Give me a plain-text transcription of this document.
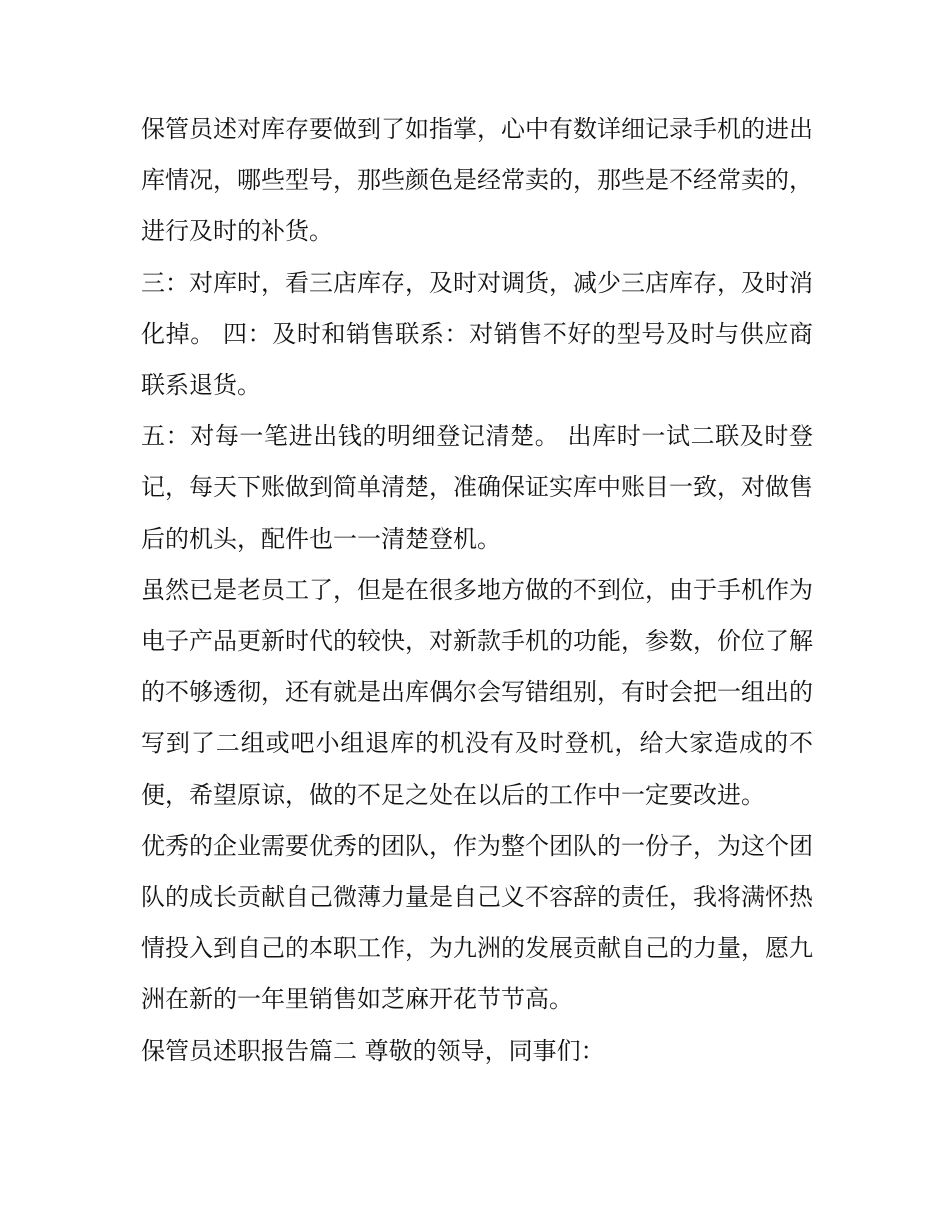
保管员述对库存要做到了如指掌，心中有数详细记录手机的进出库情况，哪些型号，那些颜色是经常卖的，那些是不经常卖的，进行及时的补货。

三：对库时，看三店库存，及时对调货，减少三店库存，及时消化掉。 四：及时和销售联系：对销售不好的型号及时与供应商联系退货。

五：对每一笔进出钱的明细登记清楚。 出库时一试二联及时登记，每天下账做到简单清楚，准确保证实库中账目一致，对做售后的机头，配件也一一清楚登机。

虽然已是老员工了，但是在很多地方做的不到位，由于手机作为电子产品更新时代的较快，对新款手机的功能，参数，价位了解的不够透彻，还有就是出库偶尔会写错组别，有时会把一组出的写到了二组或吧小组退库的机没有及时登机，给大家造成的不便，希望原谅，做的不足之处在以后的工作中一定要改进。

优秀的企业需要优秀的团队，作为整个团队的一份子，为这个团队的成长贡献自己微薄力量是自己义不容辞的责任，我将满怀热情投入到自己的本职工作，为九洲的发展贡献自己的力量，愿九洲在新的一年里销售如芝麻开花节节高。

保管员述职报告篇二 尊敬的领导，同事们：
